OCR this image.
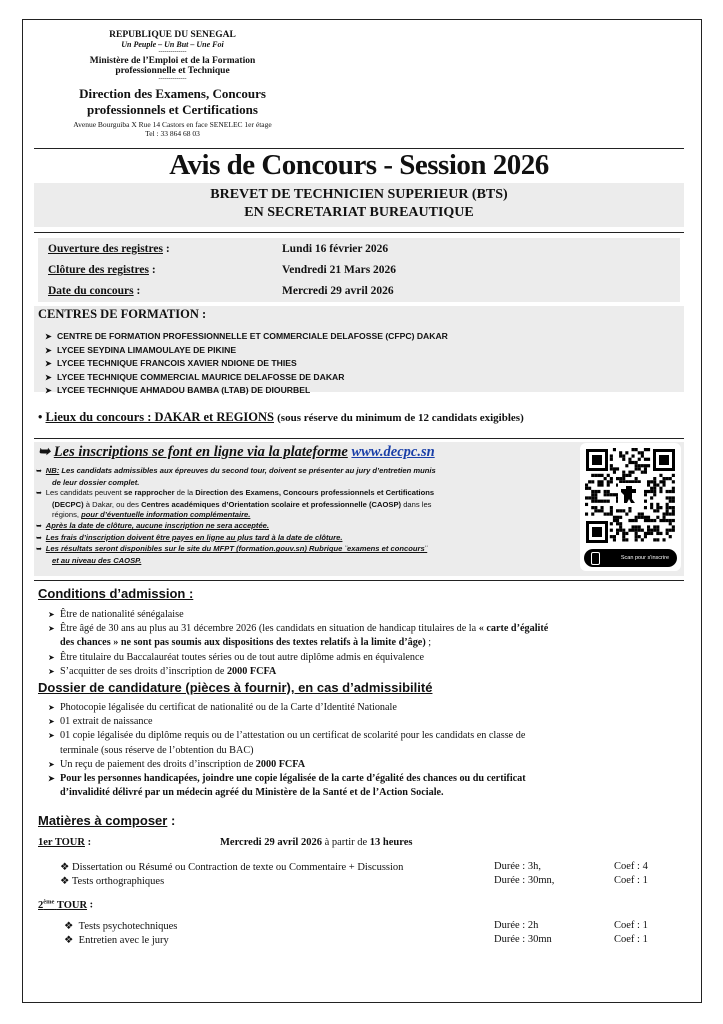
REPUBLIQUE DU SENEGAL
Un Peuple – Un But – Une Foi
--------------
Ministère de l’Emploi et de la Formation
professionnelle et Technique
--------------
Direction des Examens, Concours
professionnels et Certifications
Avenue Bourguiba X Rue 14 Castors en face SENELEC 1er étage
Tel : 33 864 68 03
Avis de Concours - Session 2026
BREVET DE TECHNICIEN SUPERIEUR (BTS)
EN SECRETARIAT BUREAUTIQUE
Ouverture des registres :	Lundi 16 février 2026
Clôture des registres :	Vendredi 21 Mars 2026
Date du concours :	Mercredi 29 avril 2026
CENTRES DE FORMATION :
➤ CENTRE DE FORMATION PROFESSIONNELLE ET COMMERCIALE DELAFOSSE (CFPC) DAKAR
➤ LYCEE SEYDINA LIMAMOULAYE DE PIKINE
➤ LYCEE TECHNIQUE FRANCOIS XAVIER NDIONE DE THIES
➤ LYCEE TECHNIQUE COMMERCIAL MAURICE DELAFOSSE DE DAKAR
➤ LYCEE TECHNIQUE AHMADOU BAMBA (LTAB) DE DIOURBEL
• Lieux du concours : DAKAR et REGIONS (sous réserve du minimum de 12 candidats exigibles)
➥ Les inscriptions se font en ligne via la plateforme www.decpc.sn
➥  NB: Les candidats admissibles aux épreuves du second tour, doivent se présenter au jury d’entretien munis
de leur dossier complet.
➥  Les candidats peuvent se rapprocher de la Direction des Examens, Concours professionnels et Certifications
(DECPC) à Dakar, ou des Centres académiques d’Orientation scolaire et professionnelle (CAOSP) dans les
régions, pour d’éventuelle information complémentaire.
➥  Après la date de clôture, aucune inscription ne sera acceptée.
➥  Les frais d’inscription doivent être payes en ligne au plus tard à la date de clôture.
➥  Les résultats seront disponibles sur le site du MFPT (formation.gouv.sn) Rubrique ¨examens et concours¨
et au niveau des CAOSP.	Scan pour s'inscrire
Conditions d’admission :
➤ Être de nationalité sénégalaise
➤ Être âgé de 30 ans au plus au 31 décembre 2026 (les candidats en situation de handicap titulaires de la « carte d’égalité
des chances » ne sont pas soumis aux dispositions des textes relatifs à la limite d’âge) ;
➤ Être titulaire du Baccalauréat toutes séries ou de tout autre diplôme admis en équivalence
➤ S’acquitter de ses droits d’inscription de 2000 FCFA
Dossier de candidature (pièces à fournir), en cas d’admissibilité
➤ Photocopie légalisée du certificat de nationalité ou de la Carte d’Identité Nationale
➤ 01 extrait de naissance
➤ 01 copie légalisée du diplôme requis ou de l’attestation ou un certificat de scolarité pour les candidats en classe de
terminale (sous réserve de l’obtention du BAC)
➤ Un reçu de paiement des droits d’inscription de 2000 FCFA
➤ Pour les personnes handicapées, joindre une copie légalisée de la carte d’égalité des chances ou du certificat
d’invalidité délivré par un médecin agréé du Ministère de la Santé et de l’Action Sociale.
Matières à composer :
1er TOUR :	Mercredi 29 avril 2026 à partir de 13 heures
❖ Dissertation ou Résumé ou Contraction de texte ou Commentaire + Discussion	Durée : 3h,	Coef : 4
❖ Tests orthographiques	Durée : 30mn,	Coef : 1
2ème TOUR :
❖  Tests psychotechniques	Durée : 2h	Coef : 1
❖  Entretien avec le jury	Durée : 30mn	Coef : 1
